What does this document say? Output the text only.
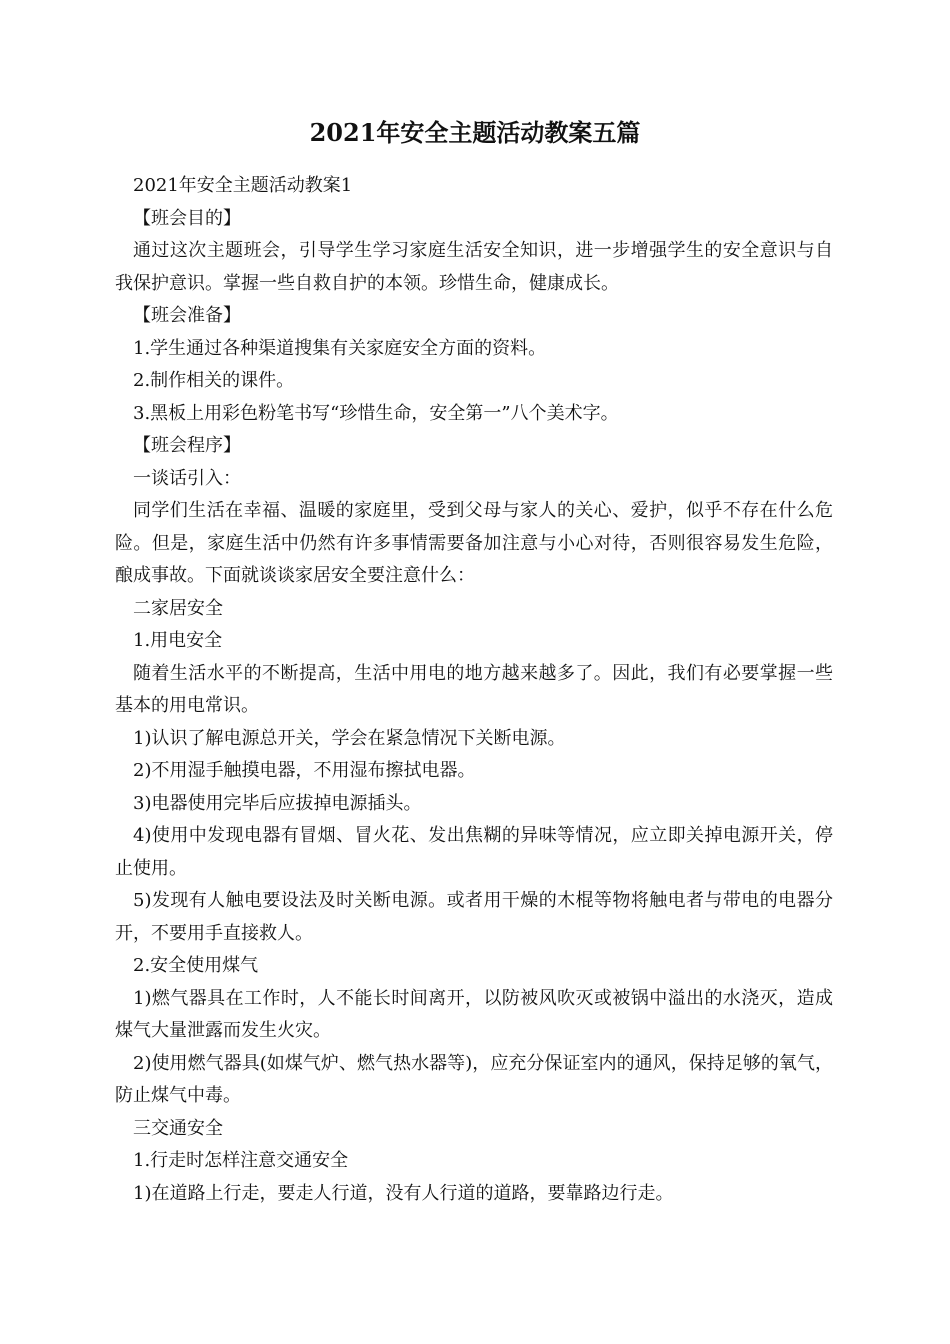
2021年安全主题活动教案五篇

2021年安全主题活动教案1

【班会目的】

通过这次主题班会，引导学生学习家庭生活安全知识，进一步增强学生的安全意识与自我保护意识。掌握一些自救自护的本领。珍惜生命，健康成长。

【班会准备】

1.学生通过各种渠道搜集有关家庭安全方面的资料。

2.制作相关的课件。

3.黑板上用彩色粉笔书写“珍惜生命，安全第一”八个美术字。

【班会程序】

一谈话引入：

同学们生活在幸福、温暖的家庭里，受到父母与家人的关心、爱护，似乎不存在什么危险。但是，家庭生活中仍然有许多事情需要备加注意与小心对待，否则很容易发生危险，酿成事故。下面就谈谈家居安全要注意什么：

二家居安全

1.用电安全

随着生活水平的不断提高，生活中用电的地方越来越多了。因此，我们有必要掌握一些基本的用电常识。

1)认识了解电源总开关，学会在紧急情况下关断电源。

2)不用湿手触摸电器，不用湿布擦拭电器。

3)电器使用完毕后应拔掉电源插头。

4)使用中发现电器有冒烟、冒火花、发出焦糊的异味等情况，应立即关掉电源开关，停止使用。

5)发现有人触电要设法及时关断电源。或者用干燥的木棍等物将触电者与带电的电器分开，不要用手直接救人。

2.安全使用煤气

1)燃气器具在工作时，人不能长时间离开，以防被风吹灭或被锅中溢出的水浇灭，造成煤气大量泄露而发生火灾。

2)使用燃气器具(如煤气炉、燃气热水器等)，应充分保证室内的通风，保持足够的氧气，防止煤气中毒。

三交通安全

1.行走时怎样注意交通安全

1)在道路上行走，要走人行道，没有人行道的道路，要靠路边行走。
